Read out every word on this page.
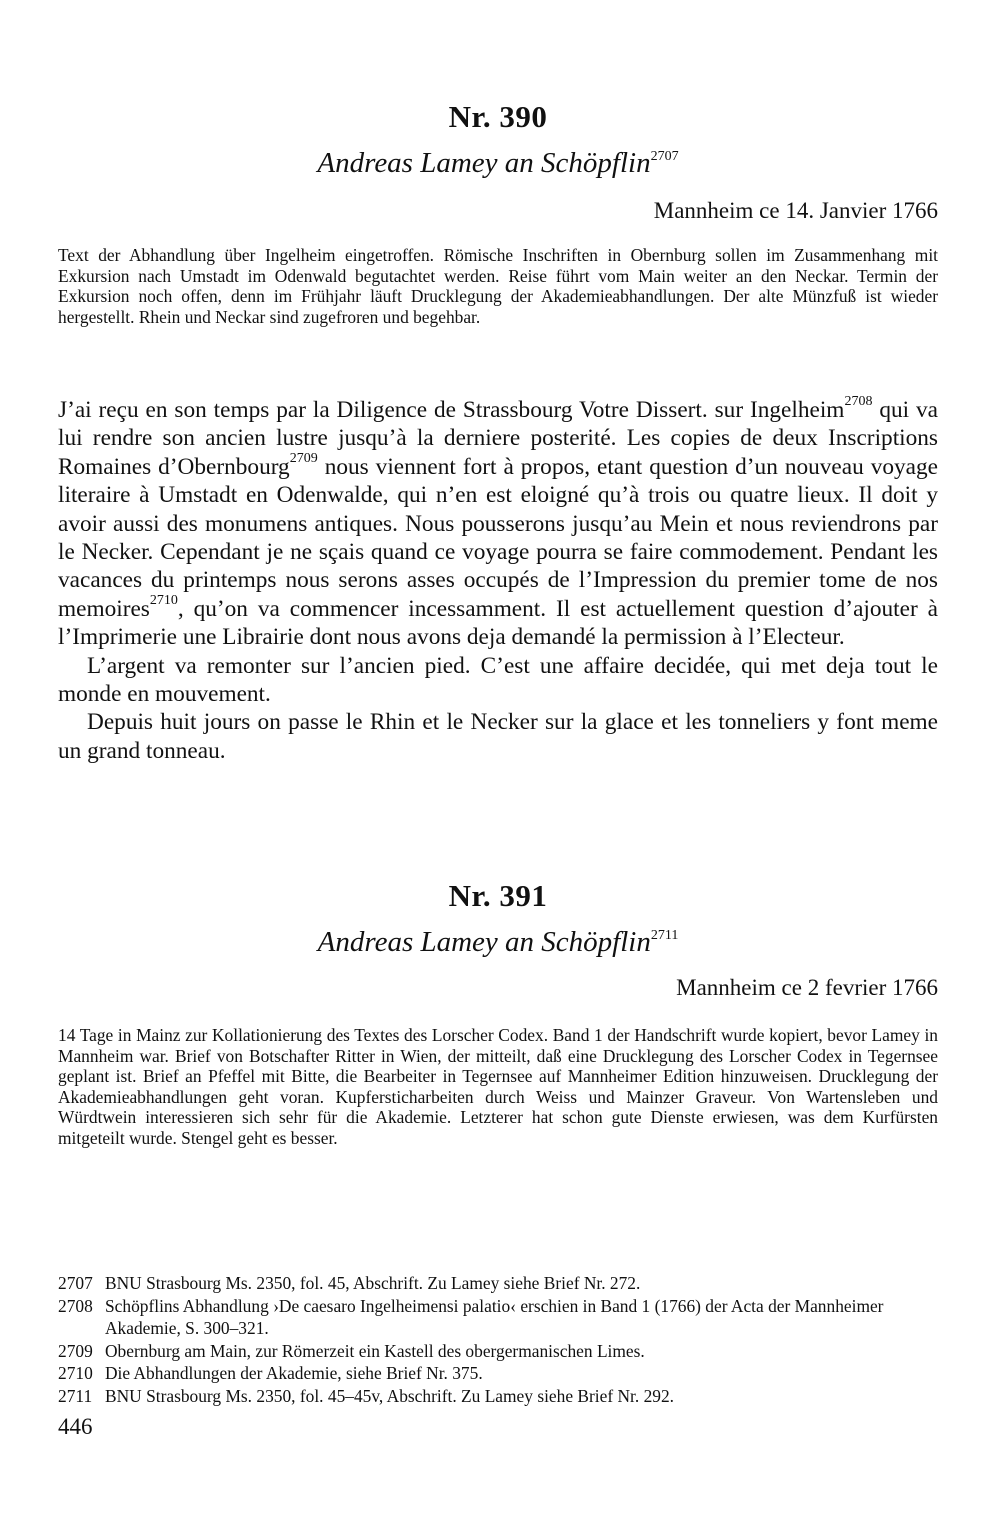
Nr. 390
Andreas Lamey an Schöpflin$^{2707}$
Mannheim ce 14. Janvier 1766

Text der Abhandlung über Ingelheim eingetroffen. Römische Inschriften in Obernburg sollen im Zusammenhang mit Exkursion nach Umstadt im Odenwald begutachtet werden. Reise führt vom Main weiter an den Neckar. Termin der Exkursion noch offen, denn im Frühjahr läuft Drucklegung der Akademieabhandlungen. Der alte Münzfuß ist wieder hergestellt. Rhein und Neckar sind zugefroren und begehbar.

J’ai reçu en son temps par la Diligence de Strassbourg Votre Dissert. sur Ingelheim$^{2708}$ qui va lui rendre son ancien lustre jusqu’à la derniere posterité. Les copies de deux Inscriptions Romaines d’Obernbourg$^{2709}$ nous viennent fort à propos, etant question d’un nouveau voyage literaire à Umstadt en Odenwalde, qui n’en est eloigné qu’à trois ou quatre lieux. Il doit y avoir aussi des monumens antiques. Nous pousserons jusqu’au Mein et nous reviendrons par le Necker. Cependant je ne sçais quand ce voyage pourra se faire commodement. Pendant les vacances du printemps nous serons asses occupés de l’Impression du premier tome de nos memoires$^{2710}$, qu’on va commencer incessamment. Il est actuellement question d’ajouter à l’Imprimerie une Librairie dont nous avons deja demandé la permission à l’Electeur.

L’argent va remonter sur l’ancien pied. C’est une affaire decidée, qui met deja tout le monde en mouvement.

Depuis huit jours on passe le Rhin et le Necker sur la glace et les tonneliers y font meme un grand tonneau.

Nr. 391
Andreas Lamey an Schöpflin$^{2711}$
Mannheim ce 2 fevrier 1766

14 Tage in Mainz zur Kollationierung des Textes des Lorscher Codex. Band 1 der Handschrift wurde kopiert, bevor Lamey in Mannheim war. Brief von Botschafter Ritter in Wien, der mitteilt, daß eine Drucklegung des Lorscher Codex in Tegernsee geplant ist. Brief an Pfeffel mit Bitte, die Bearbeiter in Tegernsee auf Mannheimer Edition hinzuweisen. Drucklegung der Akademieabhandlungen geht voran. Kupfersticharbeiten durch Weiss und Mainzer Graveur. Von Wartensleben und Würdtwein interessieren sich sehr für die Akademie. Letzterer hat schon gute Dienste erwiesen, was dem Kurfürsten mitgeteilt wurde. Stengel geht es besser.

2707 BNU Strasbourg Ms. 2350, fol. 45, Abschrift. Zu Lamey siehe Brief Nr. 272.
2708 Schöpflins Abhandlung ›De caesaro Ingelheimensi palatio‹ erschien in Band 1 (1766) der Acta der Mannheimer Akademie, S. 300–321.
2709 Obernburg am Main, zur Römerzeit ein Kastell des obergermanischen Limes.
2710 Die Abhandlungen der Akademie, siehe Brief Nr. 375.
2711 BNU Strasbourg Ms. 2350, fol. 45–45v, Abschrift. Zu Lamey siehe Brief Nr. 292.
446
